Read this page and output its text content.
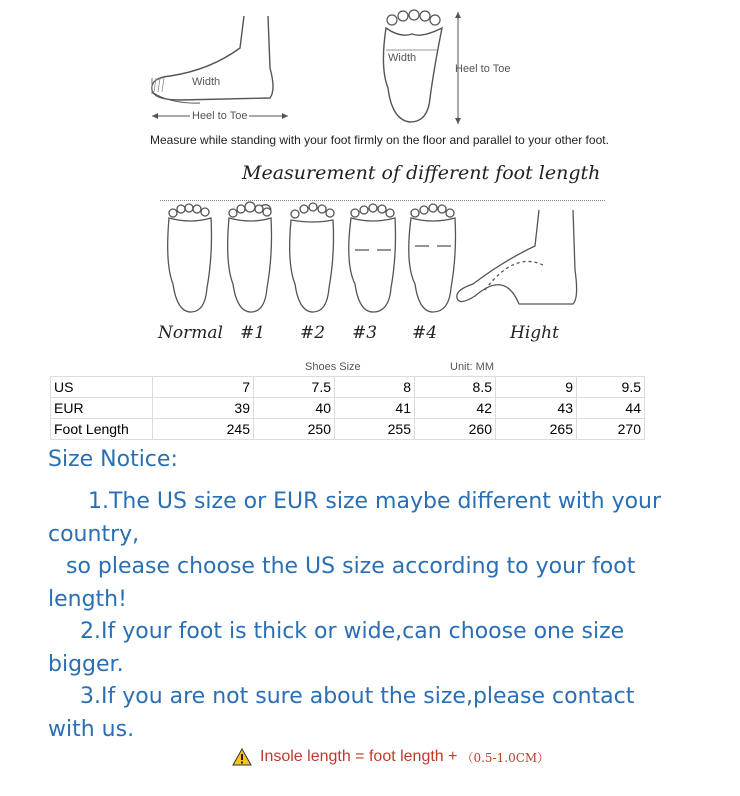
Width
Heel to Toe
Width
Heel to Toe
Measure while standing with your foot firmly on the floor and parallel to your other foot.
Measurement of different foot length
Normal #1 #2 #3 #4	Hight
Shoes Size	Unit: MM
US	7	7.5	8	8.5	9	9.5
EUR	39	40	41	42	43	44
Foot Length	245	250	255	260	265	270
Size Notice:
1.The US size or EUR size maybe different with your
country,
so please choose the US size according to your foot
length!
2.If your foot is thick or wide,can choose one size
bigger.
3.If you are not sure about the size,please contact
with us.
Insole length = foot length + （0.5-1.0CM）
